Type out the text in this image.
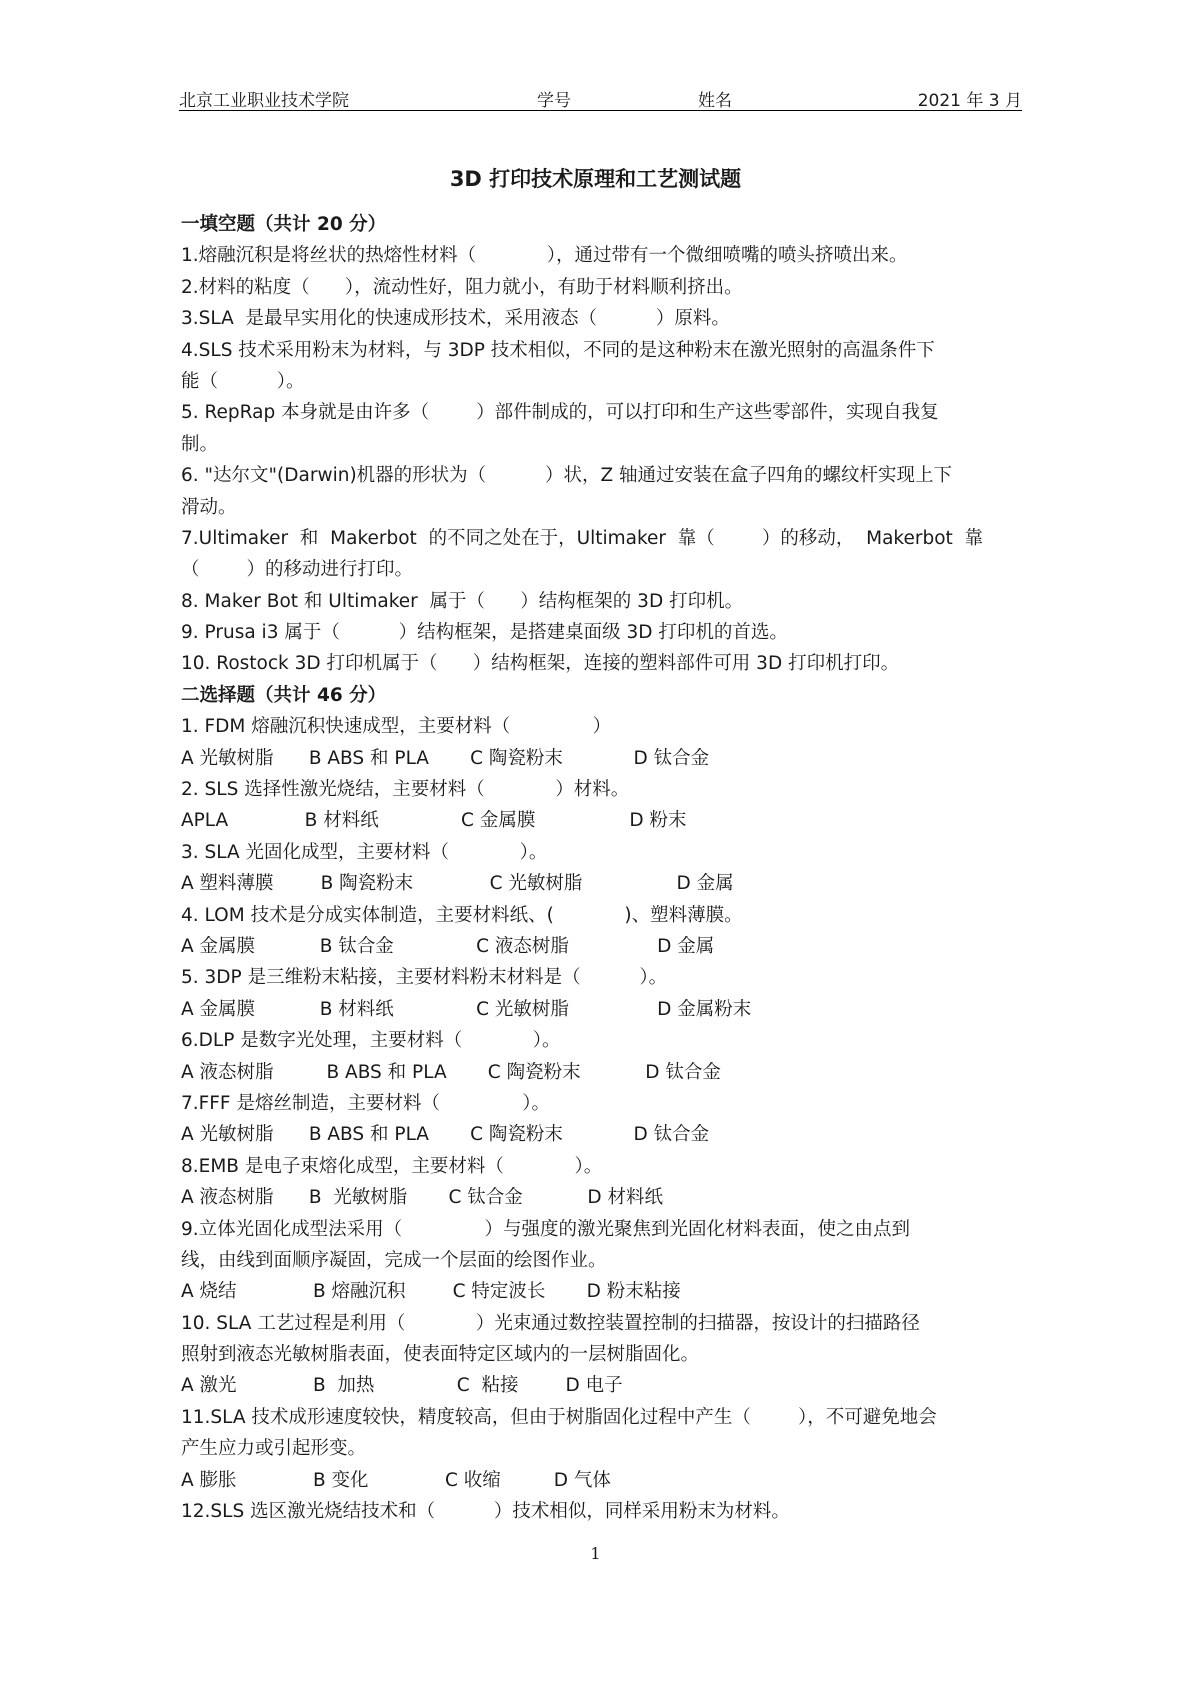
北京工业职业技术学院	学号	姓名	2021 年 3 月
3D 打印技术原理和工艺测试题
一填空题（共计 20 分）
1.熔融沉积是将丝状的热熔性材料（            ），通过带有一个微细喷嘴的喷头挤喷出来。
2.材料的粘度（      ），流动性好，阻力就小，有助于材料顺利挤出。
3.SLA  是最早实用化的快速成形技术，采用液态（          ）原料。
4.SLS 技术采用粉末为材料，与 3DP 技术相似，不同的是这种粉末在激光照射的高温条件下
能（          ）。
5. RepRap 本身就是由许多（        ）部件制成的，可以打印和生产这些零部件，实现自我复
制。
6. "达尔文"(Darwin)机器的形状为（          ）状，Z 轴通过安装在盒子四角的螺纹杆实现上下
滑动。
7.Ultimaker  和  Makerbot  的不同之处在于，Ultimaker  靠（        ）的移动，  Makerbot  靠
（        ）的移动进行打印。
8. Maker Bot 和 Ultimaker  属于（      ）结构框架的 3D 打印机。
9. Prusa i3 属于（          ）结构框架，是搭建桌面级 3D 打印机的首选。
10. Rostock 3D 打印机属于（      ）结构框架，连接的塑料部件可用 3D 打印机打印。
二选择题（共计 46 分）
1. FDM 熔融沉积快速成型，主要材料（              ）
A 光敏树脂      B ABS 和 PLA       C 陶瓷粉末            D 钛合金
2. SLS 选择性激光烧结，主要材料（            ）材料。
APLA             B 材料纸              C 金属膜                D 粉末
3. SLA 光固化成型，主要材料（            ）。
A 塑料薄膜        B 陶瓷粉末             C 光敏树脂                D 金属
4. LOM 技术是分成实体制造，主要材料纸、(            )、塑料薄膜。
A 金属膜           B 钛合金              C 液态树脂               D 金属
5. 3DP 是三维粉末粘接，主要材料粉末材料是（          ）。
A 金属膜           B 材料纸              C 光敏树脂               D 金属粉末
6.DLP 是数字光处理，主要材料（            ）。
A 液态树脂         B ABS 和 PLA       C 陶瓷粉末           D 钛合金
7.FFF 是熔丝制造，主要材料（              ）。
A 光敏树脂      B ABS 和 PLA       C 陶瓷粉末            D 钛合金
8.EMB 是电子束熔化成型，主要材料（            ）。
A 液态树脂      B  光敏树脂       C 钛合金           D 材料纸
9.立体光固化成型法采用（              ）与强度的激光聚焦到光固化材料表面，使之由点到
线，由线到面顺序凝固，完成一个层面的绘图作业。
A 烧结             B 熔融沉积        C 特定波长       D 粉末粘接
10. SLA 工艺过程是利用（            ）光束通过数控装置控制的扫描器，按设计的扫描路径
照射到液态光敏树脂表面，使表面特定区域内的一层树脂固化。
A 激光             B  加热              C  粘接        D 电子
11.SLA 技术成形速度较快，精度较高，但由于树脂固化过程中产生（        ），不可避免地会
产生应力或引起形变。
A 膨胀             B 变化             C 收缩         D 气体
12.SLS 选区激光烧结技术和（          ）技术相似，同样采用粉末为材料。
1
